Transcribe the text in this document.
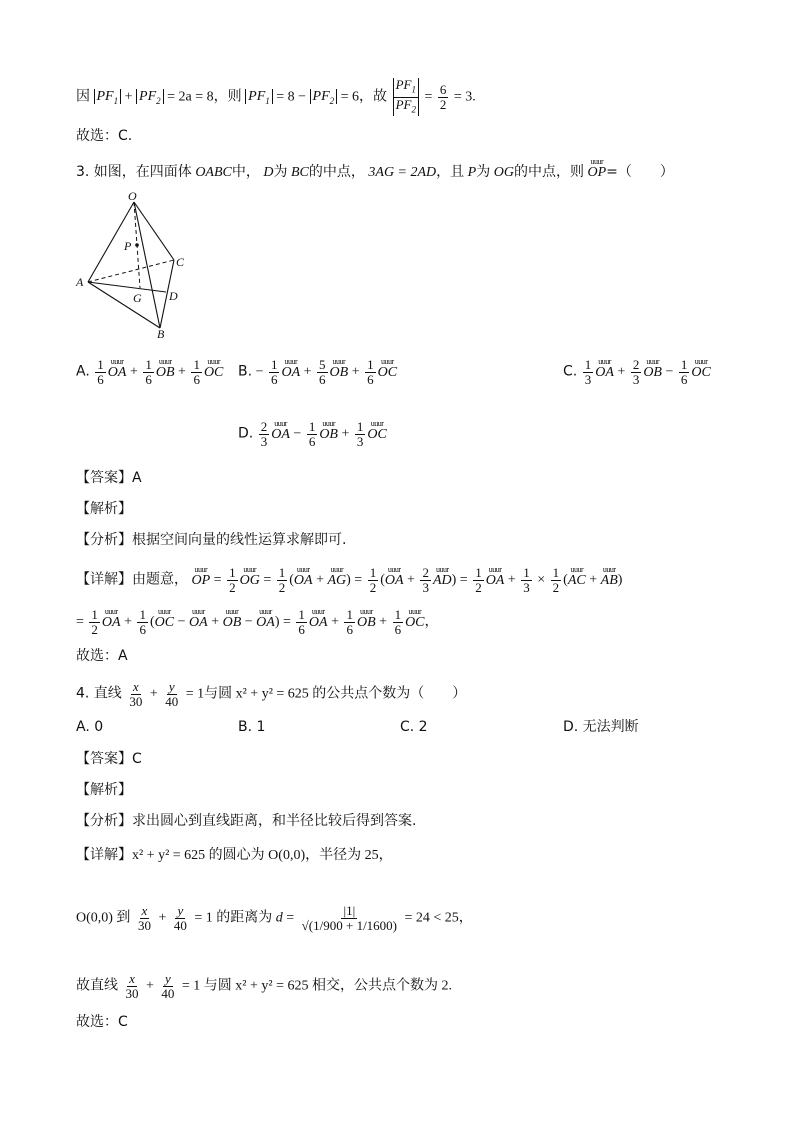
因 $PF_1 + PF_2 = 2a = 8$，则 $PF_1 = 8 - PF_2 = 6$，故 $\frac{PF_1}{PF_2} = \frac{6}{2} = 3$.
故选：C.
3. 如图，在四面体 OABC中， D为 BC的中点， 3AG = 2AD，且 P为 OG的中点，则 uuur OP=（　　）
O
P
C
A
G D
B
A. $\frac{1}{6}$ uuur OA + $\frac{1}{6}$ uuur OB + $\frac{1}{6}$ uuur OC B. − $\frac{1}{6}$ uuur OA + $\frac{5}{6}$ uuur OB + $\frac{1}{6}$ uuur OC	C. $\frac{1}{3}$ uuur OA + $\frac{2}{3}$ uuur OB − $\frac{1}{6}$ uuur OC
D. $\frac{2}{3}$ uuur OA − $\frac{1}{6}$ uuur OB + $\frac{1}{3}$ uuur OC
【答案】A
【解析】
【分析】根据空间向量的线性运算求解即可.
【详解】由题意， uuur OP = $\frac{1}{2}$ uuur OG = $\frac{1}{2}$ (uuur OA + uuur $AG) = \frac{1}{2}$ (uuur OA + $\frac{2}{3}$ uuur $AD) = \frac{1}{2}$ uuur OA + $\frac{1}{3} \times \frac{1}{2}$ (uuur AC + uuur AB)
= $\frac{1}{2}$ uuur OA + $\frac{1}{6}$ (uuur OC − uuur OA + uuur OB − uuur $OA) = \frac{1}{6}$ uuur OA + $\frac{1}{6}$ uuur OB + $\frac{1}{6}$ uuur OC，
故选：A
4. 直线 $\frac{x}{30} + \frac{y}{40} = 1$与圆 x² + y² = 625 的公共点个数为（　　）
A. 0	B. 1	C. 2	D. 无法判断
【答案】C
【解析】
【分析】求出圆心到直线距离，和半径比较后得到答案.
【详解】x² + y² = 625 的圆心为 O(0,0)，半径为 25，
O(0,0) 到 $\frac{x}{30} + \frac{y}{40} = 1$ 的距离为 $d = \frac{|1|}{√(1/900 + 1/1600)} = 24 < 25$，
故直线 $\frac{x}{30} + \frac{y}{40} = 1$ 与圆 x² + y² = 625 相交，公共点个数为 2.
故选：C
